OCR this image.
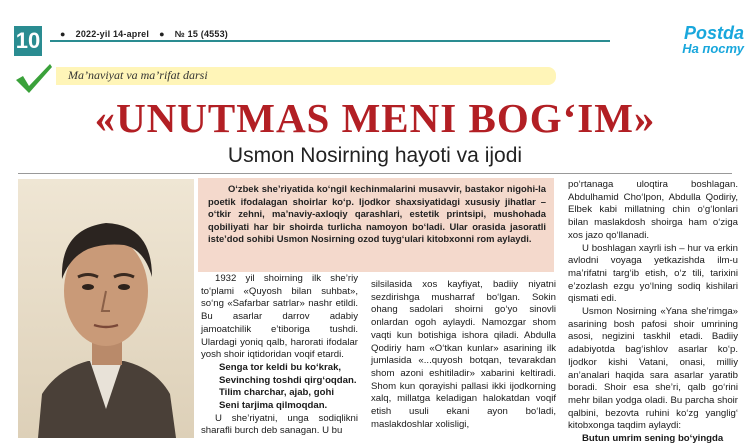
10 ● 2022-yil 14-aprel ● № 15 (4553)	Postda
На посту
Ma’naviyat va ma’rifat darsi
«UNUTMAS MENI BOG‘IM»
Usmon Nosirning hayoti va ijodi

O‘zbek she’riyatida ko‘ngil kechinmalarini musavvir, bastakor nigohi-la poetik ifodalagan shoirlar ko‘p. Ijodkor shaxsiyatidagi xususiy jihatlar – o‘tkir zehni, ma’naviy-axloqiy qarashlari, estetik printsipi, mushohada qobiliyati har bir shoirda turlicha namoyon bo‘ladi. Ular orasida jasoratli iste’dod sohibi Usmon Nosirning ozod tuyg‘ulari kitobxonni rom aylaydi.

1932 yil shoirning ilk she’riy to‘plami «Quyosh bilan suhbat», so‘ng «Safarbar satrlar» nashr etildi. Bu asarlar darrov adabiy jamoatchilik e’tiboriga tushdi. Ulardagi yoniq qalb, harorati ifodalar yosh shoir iqtidoridan voqif etardi.

Senga tor keldi bu ko‘krak,

Sevinching toshdi qirg‘oqdan.

Tilim charchar, ajab, gohi

Seni tarjima qilmoqdan.

U she’riyatni, unga sodiqlikni sharafli burch deb sanagan. U bu

silsilasida xos kayfiyat, badiiy niyatni sezdirishga musharraf bo‘lgan. Sokin ohang sadolari shoirni go‘yo sinovli onlardan ogoh aylaydi. Namozgar shom vaqti kun botishiga ishora qiladi. Abdulla Qodiriy ham «O‘tkan kunlar» asarining ilk jumlasida «...quyosh botqan, tevarakdan shom azoni eshitiladir» xabarini keltiradi. Shom kun qorayishi pallasi ikki ijodkorning xalq, millatga keladigan halokatdan voqif etish usuli ekani ayon bo‘ladi, maslakdoshlar xolisligi,

po‘rtanaga uloqtira boshlagan. Abdulhamid Cho‘lpon, Abdulla Qodiriy, Elbek kabi millatning chin o‘g‘lonlari bilan maslakdosh shoirga ham o‘ziga xos jazo qo‘llanadi.

U boshlagan xayrli ish – hur va erkin avlodni voyaga yetkazishda ilm-u ma’rifatni targ‘ib etish, o‘z tili, tarixini e’zozlash ezgu yo‘lning sodiq kishilari qismati edi.

Usmon Nosirning «Yana she’rimga» asarining bosh pafosi shoir umrining asosi, negizini taskhil etadi. Badiiy adabiyotda bag‘ishlov asarlar ko‘p. Ijodkor kishi Vatani, onasi, milliy an’analari haqida sara asarlar yaratib boradi. Shoir esa she’ri, qalb go‘rini mehr bilan yodga oladi. Bu parcha shoir qalbini, bezovta ruhini ko‘zg yanglig‘ kitobxonga taqdim aylaydi:

Butun umrim sening bo‘yingda
